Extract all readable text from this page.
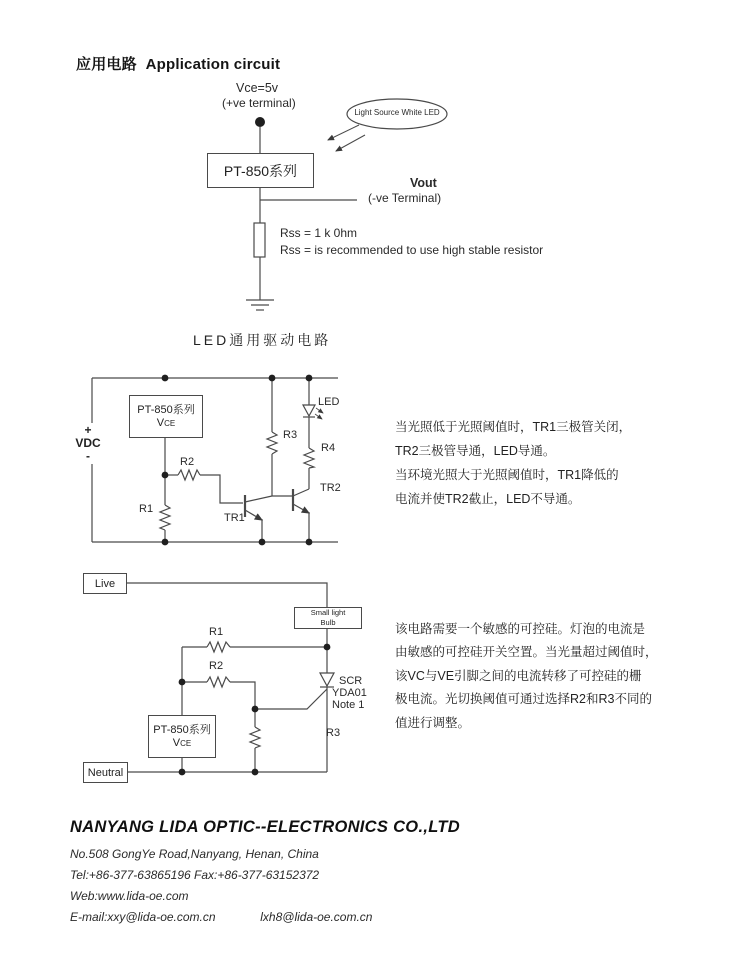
应用电路 Application circuit
Vce=5v
(+ve terminal)
Light Source White LED
PT-850系列
Vout
(-ve Terminal)
Rss = 1 k 0hm
Rss = is recommended to use high stable resistor
LED通用驱动电路
+
VDC
-
PT-850系列
VCE
R1
R2
R3
R4
TR1
TR2
LED
当光照低于光照阈值时，TR1三极管关闭，
TR2三极管导通，LED导通。
当环境光照大于光照阈值时，TR1降低的
电流并使TR2截止，LED不导通。
Live
Small light
Bulb
R1
R2
R3
SCR
YDA01
Note 1
PT-850系列
VCE
Neutral
该电路需要一个敏感的可控硅。灯泡的电流是
由敏感的可控硅开关空置。当光量超过阈值时，
该VC与VE引脚之间的电流转移了可控硅的栅
极电流。光切换阈值可通过选择R2和R3不同的
值进行调整。
NANYANG LIDA OPTIC--ELECTRONICS CO.,LTD
No.508 GongYe Road,Nanyang, Henan, China
Tel:+86-377-63865196 Fax:+86-377-63152372
Web:www.lida-oe.com
E-mail:xxy@lida-oe.com.cn	lxh8@lida-oe.com.cn
